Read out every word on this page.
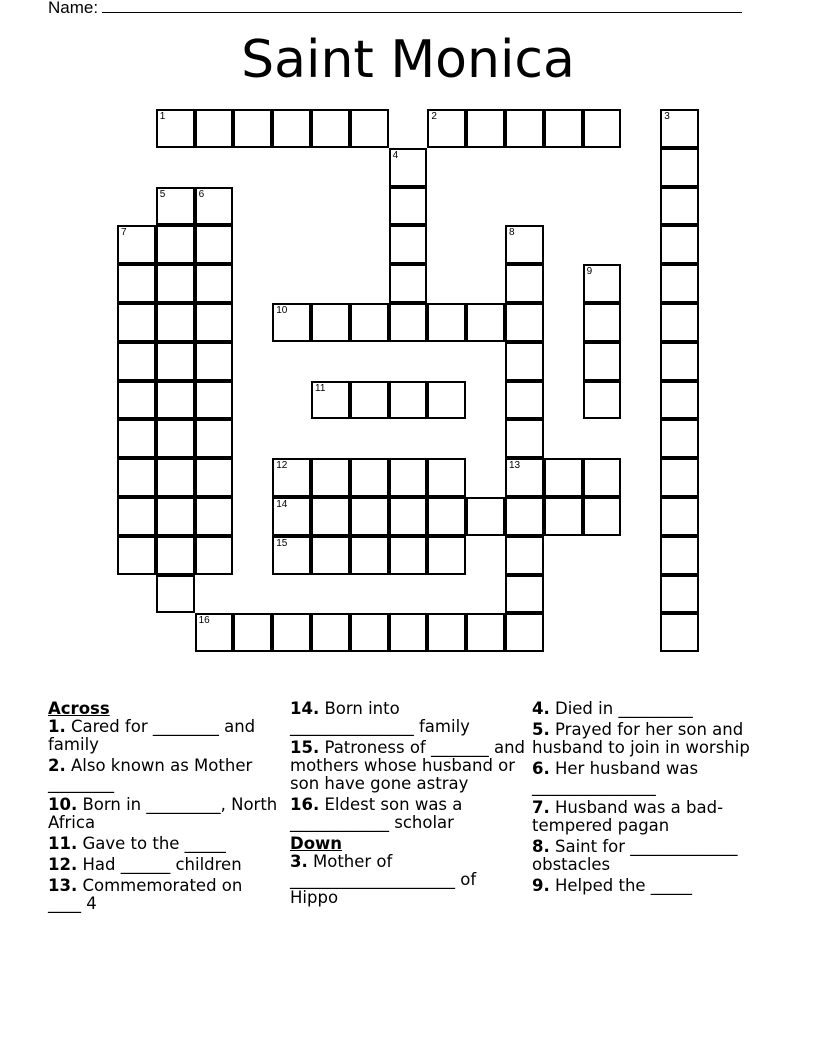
Name:
Saint Monica
1	2	3
4
5	6
7	8
13
9
10
11
12
14
15
16
Across
1. Cared for ________ and family
2. Also known as Mother ________
10. Born in _________, North Africa
11. Gave to the _____
12. Had ______ children
13. Commemorated on ____ 4
14. Born into _______________ family
15. Patroness of _______ and mothers whose husband or son have gone astray
16. Eldest son was a ____________ scholar
Down
3. Mother of ____________________ of Hippo
4. Died in _________
5. Prayed for her son and husband to join in worship
6. Her husband was _______________
7. Husband was a bad-tempered pagan
8. Saint for _____________ obstacles
9. Helped the _____
